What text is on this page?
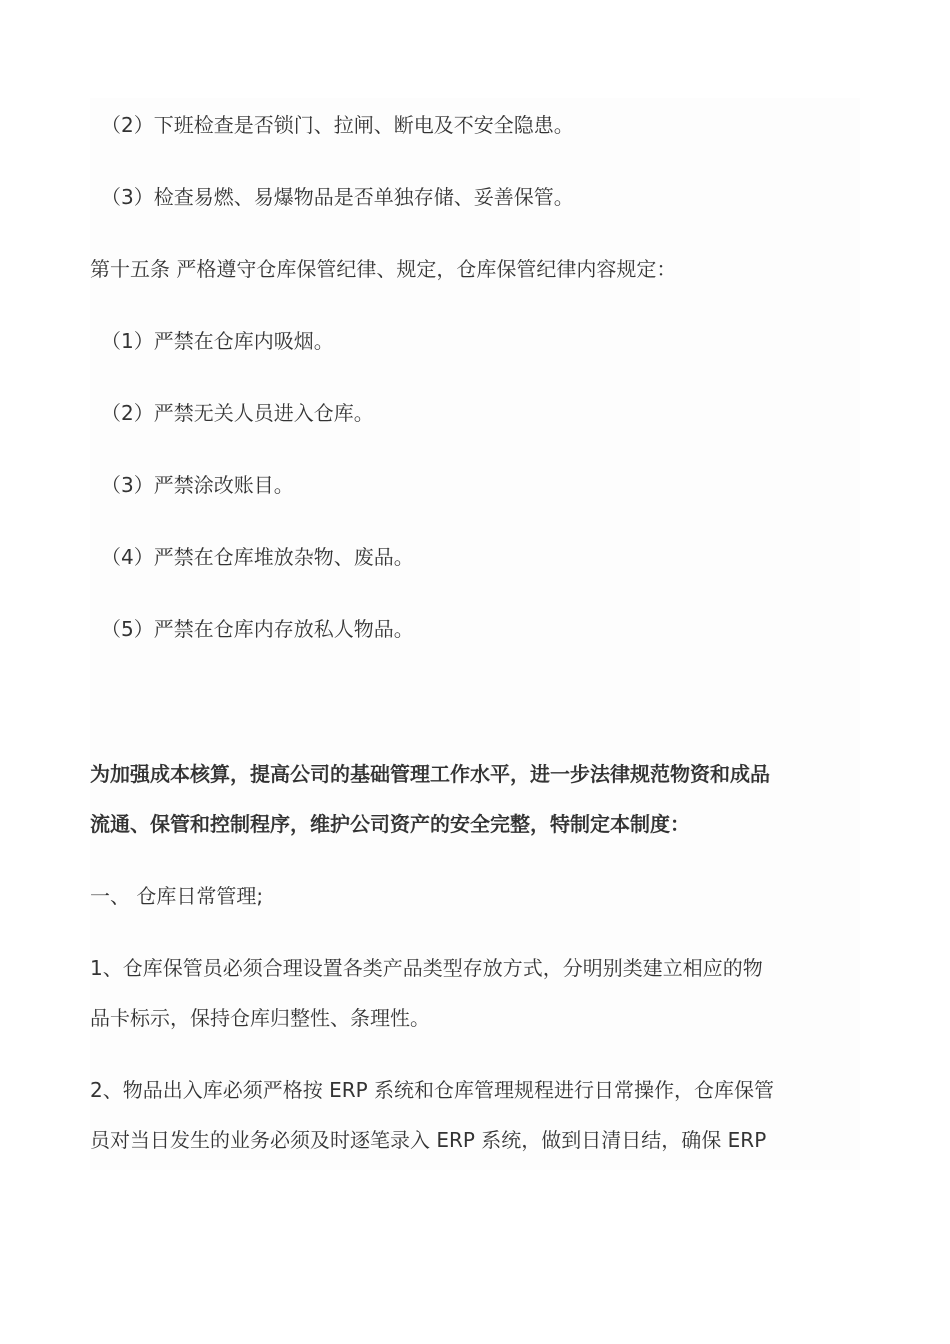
（2）下班检查是否锁门、拉闸、断电及不安全隐患。
（3）检查易燃、易爆物品是否单独存储、妥善保管。
第十五条 严格遵守仓库保管纪律、规定，仓库保管纪律内容规定：
（1）严禁在仓库内吸烟。
（2）严禁无关人员进入仓库。
（3）严禁涂改账目。
（4）严禁在仓库堆放杂物、废品。
（5）严禁在仓库内存放私人物品。
为加强成本核算，提高公司的基础管理工作水平，进一步法律规范物资和成品
流通、保管和控制程序，维护公司资产的安全完整，特制定本制度：
一、 仓库日常管理;
1、仓库保管员必须合理设置各类产品类型存放方式，分明别类建立相应的物
品卡标示，保持仓库归整性、条理性。
2、物品出入库必须严格按 ERP 系统和仓库管理规程进行日常操作，仓库保管
员对当日发生的业务必须及时逐笔录入 ERP 系统，做到日清日结，确保 ERP
